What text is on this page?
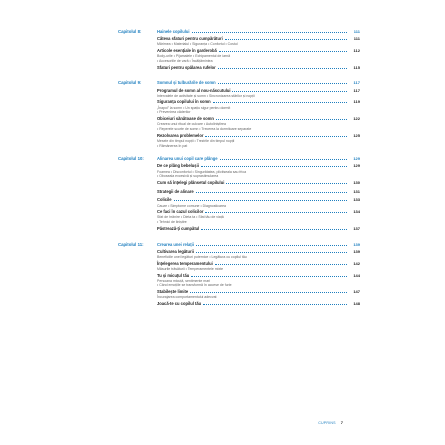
Capitolul 8:	Hainele copilului	111
Câteva sfaturi pentru cumpărături	111
Mărimea • Materialul • Siguranța • Confortul • Costul
Articole esențiale în garderobă	112
Body-urile • Pijamalele • Echipamentul de iarnă
• Accesoriile de vară • Încălțămintea
Sfaturi pentru spălarea rufelor	115
Capitolul 9:	Somnul și tulburările de somn	117
Programul de somn al nou-născutului	117
Intervalele de activitate și somn • Sincronizarea stărilor și nopții
Siguranța copilului în somn	119
„Înapoi” la somn • Un spațiu sigur pentru dormit
• Prevenirea căderilor
Obiceiuri sănătoase de somn	122
Crearea unui ritual de culcare • Autoliniștirea
• Reperele scurte de somn • Trecerea la dormitoare separate
Rezolvarea problemelor	125
Mesele din timpul nopții • Trezirile din timpul nopții
• Rămânerea în pat
Capitolul 10:	Alinarea unui copil care plânge	129
De ce plâng bebelușii	129
Foamea • Disconfortul • Singurătatea, plictiseala sau frica
• Oboseala excesivă și suprastimularea
Cum să înțelegi plânsetul copilului	130
Strategii de alinare	131
Colicile	133
Cauze • Simptome comune • Diagnosticarea
Ce faci în cazul colicilor	134
Sfat de hrănire • Dieta ta • Sfat tău de viață
• Tehnici de liniștire
Păstrează-ți cumpătul	137
Capitolul 11:	Crearea unei relații	139
Cultivarea legăturii	139
Beneficiile unei legături puternice • Legătura cu copilul tău
Înțelegerea temperamentului	142
Măsurile trăsăturii • Temperamentele mixte
Tu și micuțul tău	144
Persoana micuță, sentimente mari
• Când emoțiile se transformă în accese de furie
Stabilește limite	147
Încurajarea comportamentului adecvat
Joacă-te cu copilul tău	148
CUPRINS 7
